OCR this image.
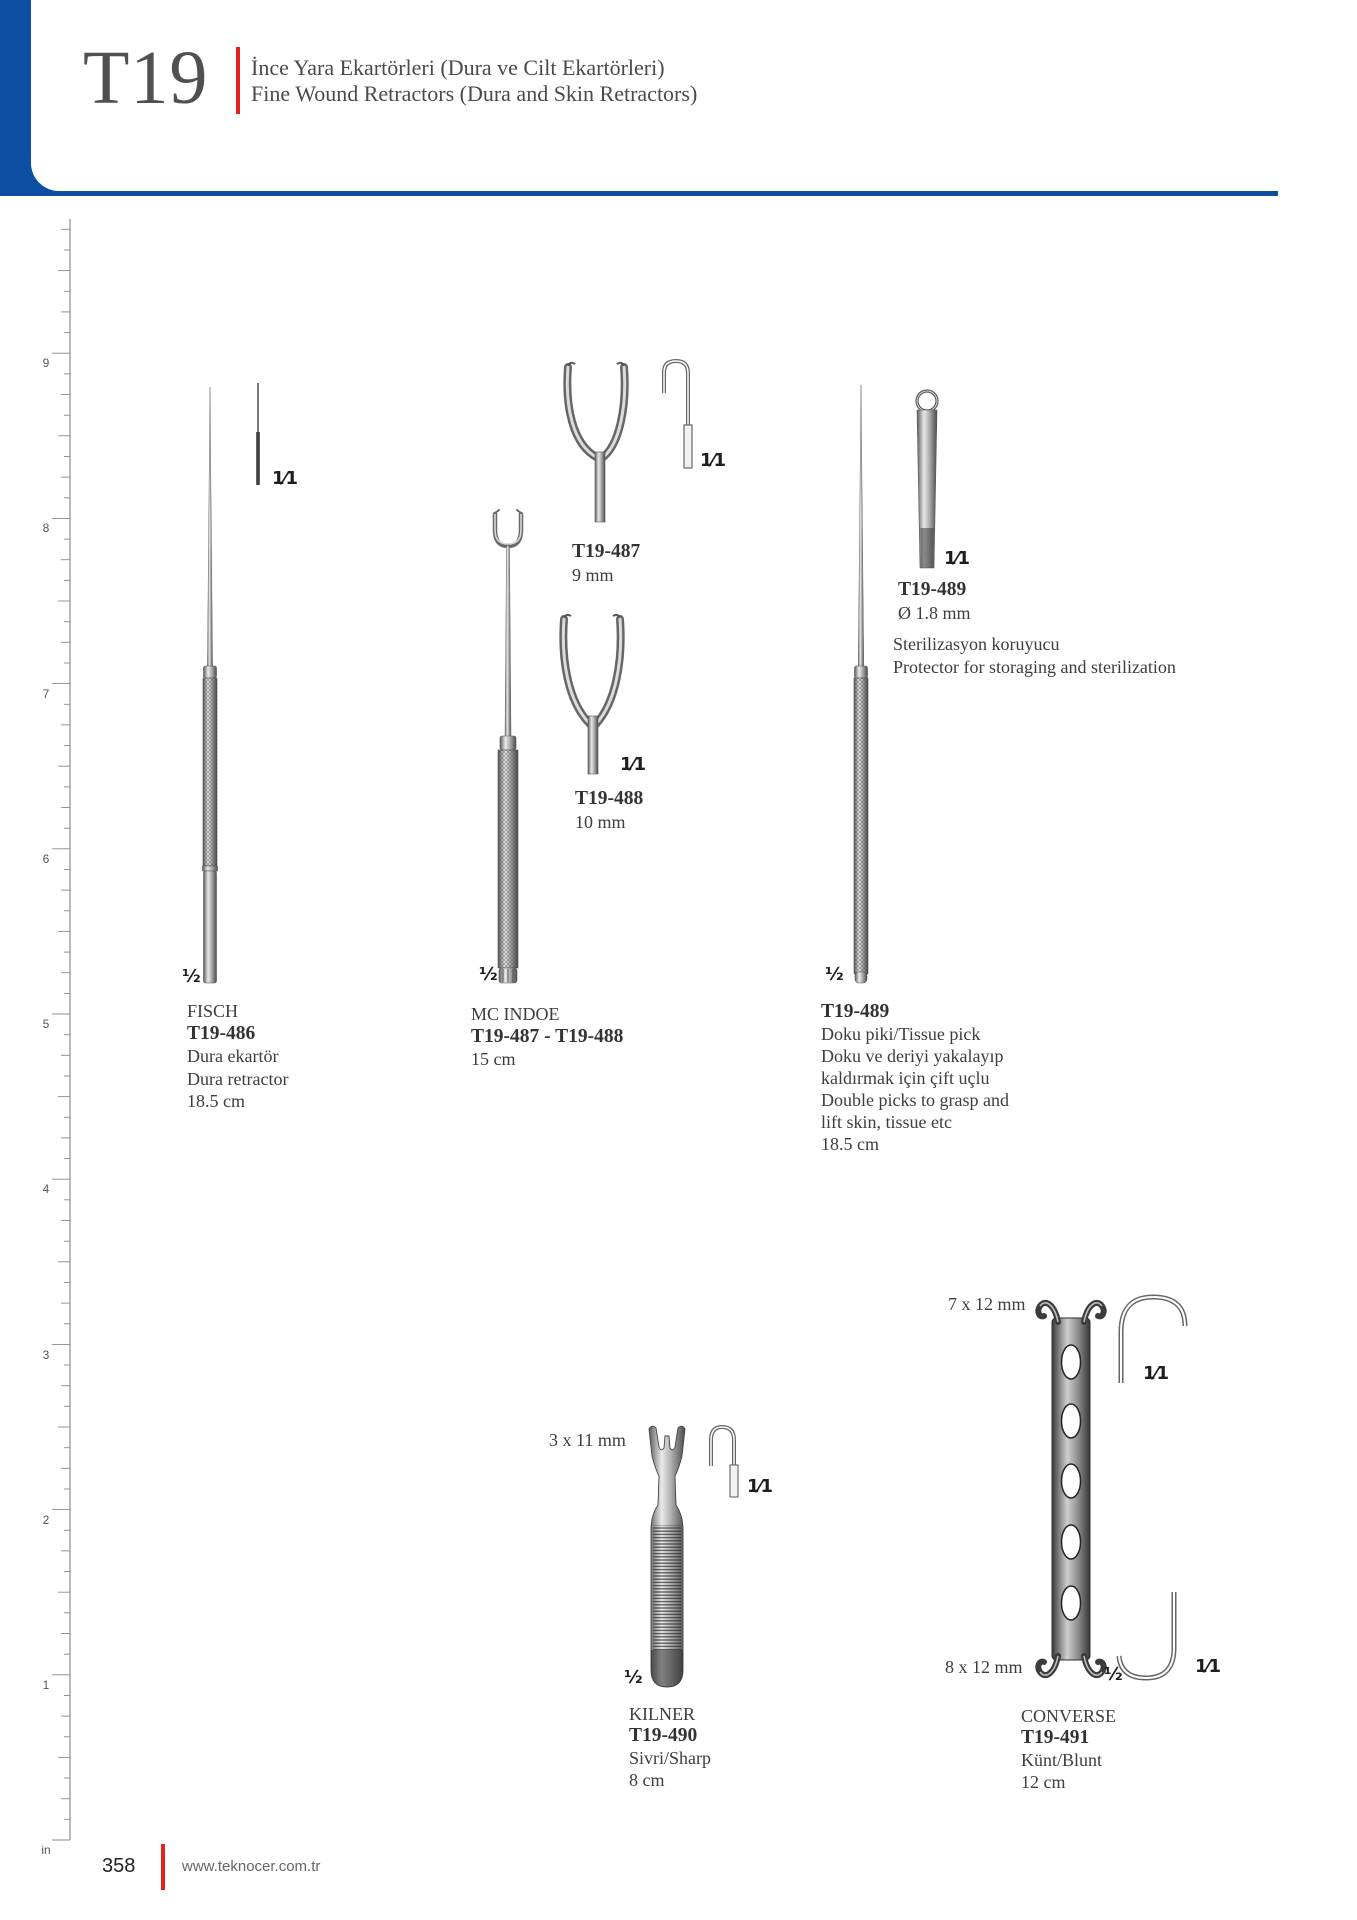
T19 İnce Yara Ekartörleri (Dura ve Cilt Ekartörleri)
Fine Wound Retractors (Dura and Skin Retractors)
9
8
7
6
5
4
3
2
1
in
1⁄1
½
FISCH
T19-486
Dura ekartör
Dura retractor
18.5 cm
1⁄1
T19-487
9 mm
1⁄1
T19-488
10 mm
½
MC INDOE
T19-487 - T19-488
15 cm
1⁄1
T19-489
Ø 1.8 mm
Sterilizasyon koruyucu
Protector for storaging and sterilization
½
T19-489
Doku piki/Tissue pick
Doku ve deriyi yakalayıp
kaldırmak için çift uçlu
Double picks to grasp and
lift skin, tissue etc
18.5 cm
3 x 11 mm
1⁄1
½
KILNER
T19-490
Sivri/Sharp
8 cm
7 x 12 mm
1⁄1
8 x 12 mm	½	1⁄1
CONVERSE
T19-491
Künt/Blunt
12 cm
358	www.teknocer.com.tr
